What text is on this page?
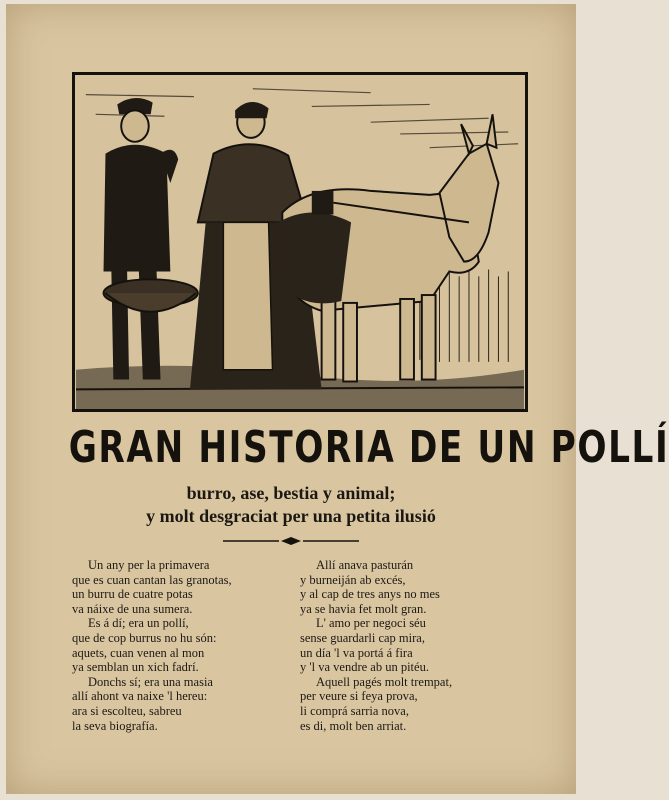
GRAN HISTORIA DE UN POLLÍ
burro, ase, bestia y animal;
y molt desgraciat per una petita ilusió
Un any per la primavera
que es cuan cantan las granotas,
un burru de cuatre potas
va náixe de una sumera.
Es á dí; era un pollí,
que de cop burrus no hu són:
aquets, cuan venen al mon
ya semblan un xich fadrí.
Donchs sí; era una masia
allí ahont va naixe 'l hereu:
ara si escolteu, sabreu
la seva biografía.
Allí anava pasturán
y burneiján ab excés,
y al cap de tres anys no mes
ya se havia fet molt gran.
L' amo per negoci séu
sense guardarli cap mira,
un día 'l va portá á fira
y 'l va vendre ab un pitéu.
Aquell pagés molt trempat,
per veure si feya prova,
li comprá sarria nova,
es di, molt ben arriat.
